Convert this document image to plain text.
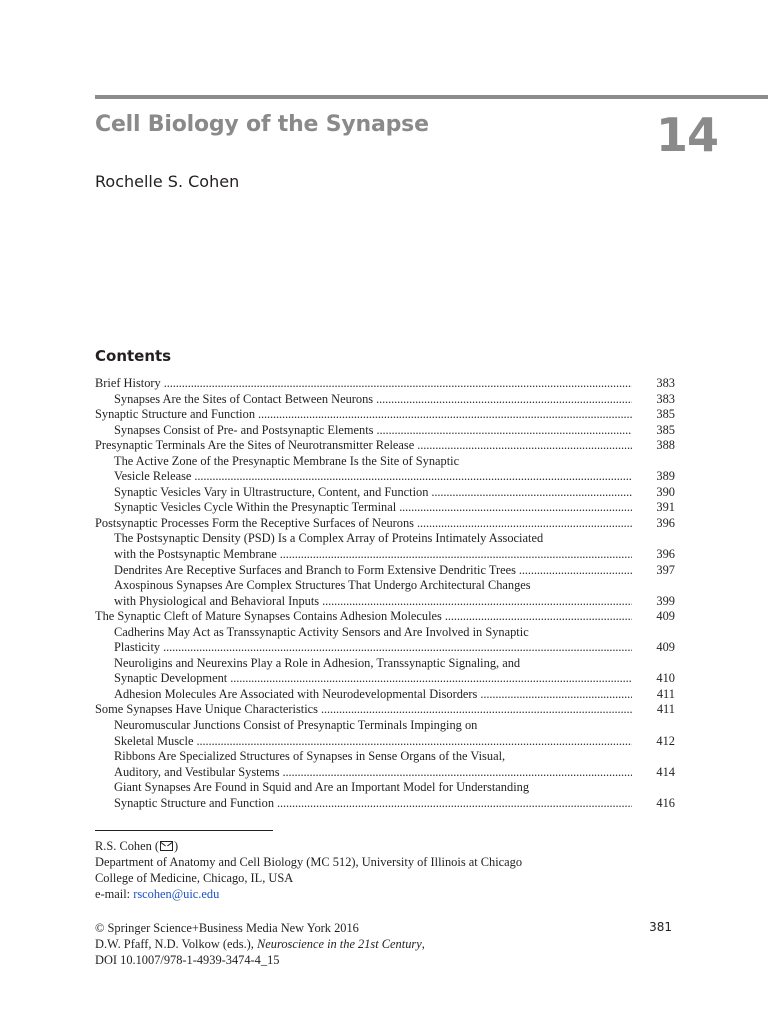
Cell Biology of the Synapse	14
Rochelle S. Cohen
Contents
Brief History . . .	383
Synapses Are the Sites of Contact Between Neurons . . .	383
Synaptic Structure and Function . . .	385
Synapses Consist of Pre- and Postsynaptic Elements . . .	385
Presynaptic Terminals Are the Sites of Neurotransmitter Release . . .	388
The Active Zone of the Presynaptic Membrane Is the Site of Synaptic
Vesicle Release . . .	389
Synaptic Vesicles Vary in Ultrastructure, Content, and Function . . .	390
Synaptic Vesicles Cycle Within the Presynaptic Terminal . . .	391
Postsynaptic Processes Form the Receptive Surfaces of Neurons . . .	396
The Postsynaptic Density (PSD) Is a Complex Array of Proteins Intimately Associated
with the Postsynaptic Membrane . . .	396
Dendrites Are Receptive Surfaces and Branch to Form Extensive Dendritic Trees . . .	397
Axospinous Synapses Are Complex Structures That Undergo Architectural Changes
with Physiological and Behavioral Inputs . . .	399
The Synaptic Cleft of Mature Synapses Contains Adhesion Molecules . . .	409
Cadherins May Act as Transsynaptic Activity Sensors and Are Involved in Synaptic
Plasticity . . .	409
Neuroligins and Neurexins Play a Role in Adhesion, Transsynaptic Signaling, and
Synaptic Development . . .	410
Adhesion Molecules Are Associated with Neurodevelopmental Disorders . . .	411
Some Synapses Have Unique Characteristics . . .	411
Neuromuscular Junctions Consist of Presynaptic Terminals Impinging on
Skeletal Muscle . . .	412
Ribbons Are Specialized Structures of Synapses in Sense Organs of the Visual,
Auditory, and Vestibular Systems . . .	414
Giant Synapses Are Found in Squid and Are an Important Model for Understanding
Synaptic Structure and Function . . .	416
R.S. Cohen ( )
Department of Anatomy and Cell Biology (MC 512), University of Illinois at Chicago
College of Medicine, Chicago, IL, USA
e-mail: rscohen@uic.edu
© Springer Science+Business Media New York 2016
D.W. Pfaff, N.D. Volkow (eds.), Neuroscience in the 21st Century,
DOI 10.1007/978-1-4939-3474-4_15
381
